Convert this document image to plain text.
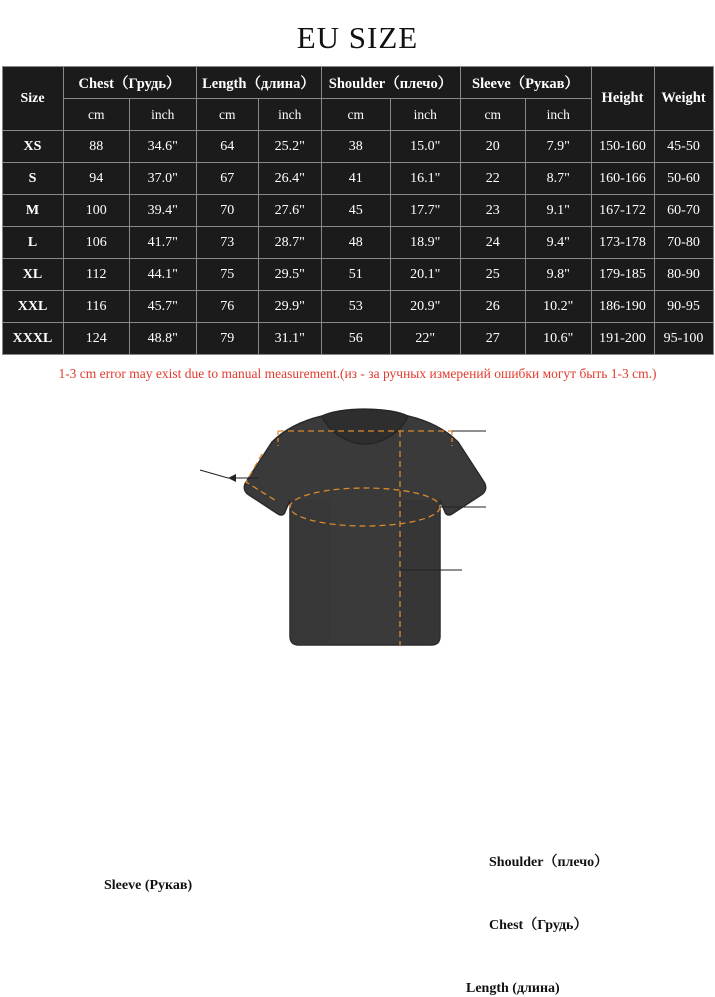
EU SIZE
Size	Chest（Грудь）		Length（длина）		Shoulder（плечо）		Sleeve（Рукав）		Height	Weight
	cm	inch	cm	inch	cm	inch	cm	inch		
XS	88	34.6"	64	25.2"	38	15.0"	20	7.9"	150-160	45-50
S	94	37.0"	67	26.4"	41	16.1"	22	8.7"	160-166	50-60
M	100	39.4"	70	27.6"	45	17.7"	23	9.1"	167-172	60-70
L	106	41.7"	73	28.7"	48	18.9"	24	9.4"	173-178	70-80
XL	112	44.1"	75	29.5"	51	20.1"	25	9.8"	179-185	80-90
XXL	116	45.7"	76	29.9"	53	20.9"	26	10.2"	186-190	90-95
XXXL	124	48.8"	79	31.1"	56	22"	27	10.6"	191-200	95-100
1-3 cm error may exist due to manual measurement.(из - за ручных измерений ошибки могут быть 1-3 cm.)
Shoulder（плечо）
Sleeve (Рукав)
Chest（Грудь）
Length (длина)
